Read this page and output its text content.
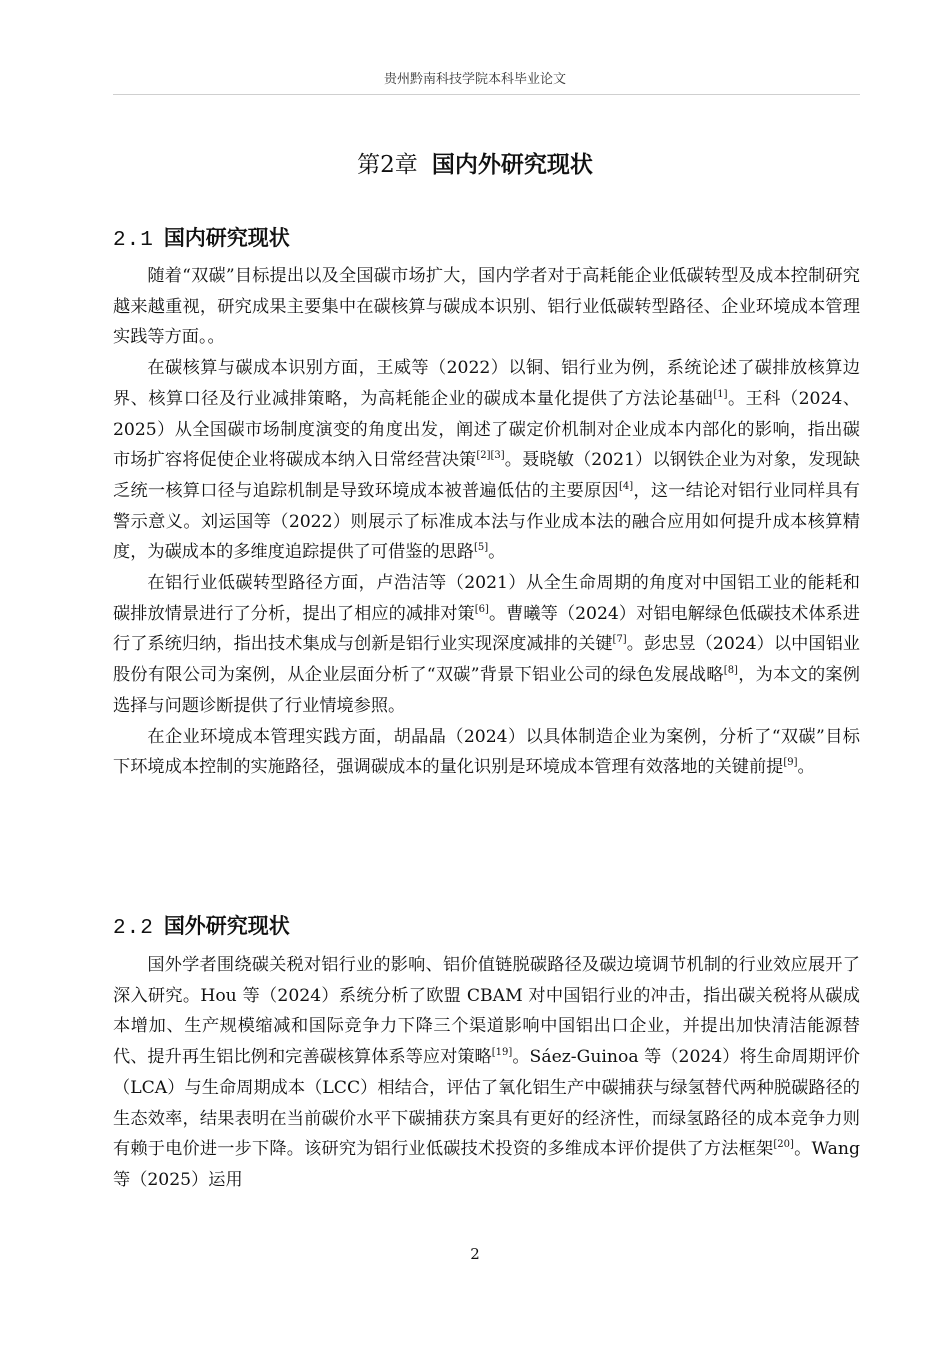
贵州黔南科技学院本科毕业论文
第2章 国内外研究现状
2.1 国内研究现状

随着“双碳”目标提出以及全国碳市场扩大，国内学者对于高耗能企业低碳转型及成本控制研究越来越重视，研究成果主要集中在碳核算与碳成本识别、铝行业低碳转型路径、企业环境成本管理实践等方面。。

在碳核算与碳成本识别方面，王威等（2022）以铜、铝行业为例，系统论述了碳排放核算边界、核算口径及行业减排策略，为高耗能企业的碳成本量化提供了方法论基础[1]。王科（2024、2025）从全国碳市场制度演变的角度出发，阐述了碳定价机制对企业成本内部化的影响，指出碳市场扩容将促使企业将碳成本纳入日常经营决策[2][3]。聂晓敏（2021）以钢铁企业为对象，发现缺乏统一核算口径与追踪机制是导致环境成本被普遍低估的主要原因[4]，这一结论对铝行业同样具有警示意义。刘运国等（2022）则展示了标准成本法与作业成本法的融合应用如何提升成本核算精度，为碳成本的多维度追踪提供了可借鉴的思路[5]。

在铝行业低碳转型路径方面，卢浩洁等（2021）从全生命周期的角度对中国铝工业的能耗和碳排放情景进行了分析，提出了相应的减排对策[6]。曹曦等（2024）对铝电解绿色低碳技术体系进行了系统归纳，指出技术集成与创新是铝行业实现深度减排的关键[7]。彭忠昱（2024）以中国铝业股份有限公司为案例，从企业层面分析了“双碳”背景下铝业公司的绿色发展战略[8]，为本文的案例选择与问题诊断提供了行业情境参照。

在企业环境成本管理实践方面，胡晶晶（2024）以具体制造企业为案例，分析了“双碳”目标下环境成本控制的实施路径，强调碳成本的量化识别是环境成本管理有效落地的关键前提[9]。

2.2 国外研究现状

国外学者围绕碳关税对铝行业的影响、铝价值链脱碳路径及碳边境调节机制的行业效应展开了深入研究。Hou 等（2024）系统分析了欧盟 CBAM 对中国铝行业的冲击，指出碳关税将从碳成本增加、生产规模缩减和国际竞争力下降三个渠道影响中国铝出口企业，并提出加快清洁能源替代、提升再生铝比例和完善碳核算体系等应对策略[19]。Sáez-Guinoa 等（2024）将生命周期评价（LCA）与生命周期成本（LCC）相结合，评估了氧化铝生产中碳捕获与绿氢替代两种脱碳路径的生态效率，结果表明在当前碳价水平下碳捕获方案具有更好的经济性，而绿氢路径的成本竞争力则有赖于电价进一步下降。该研究为铝行业低碳技术投资的多维成本评价提供了方法框架[20]。Wang 等（2025）运用

2
